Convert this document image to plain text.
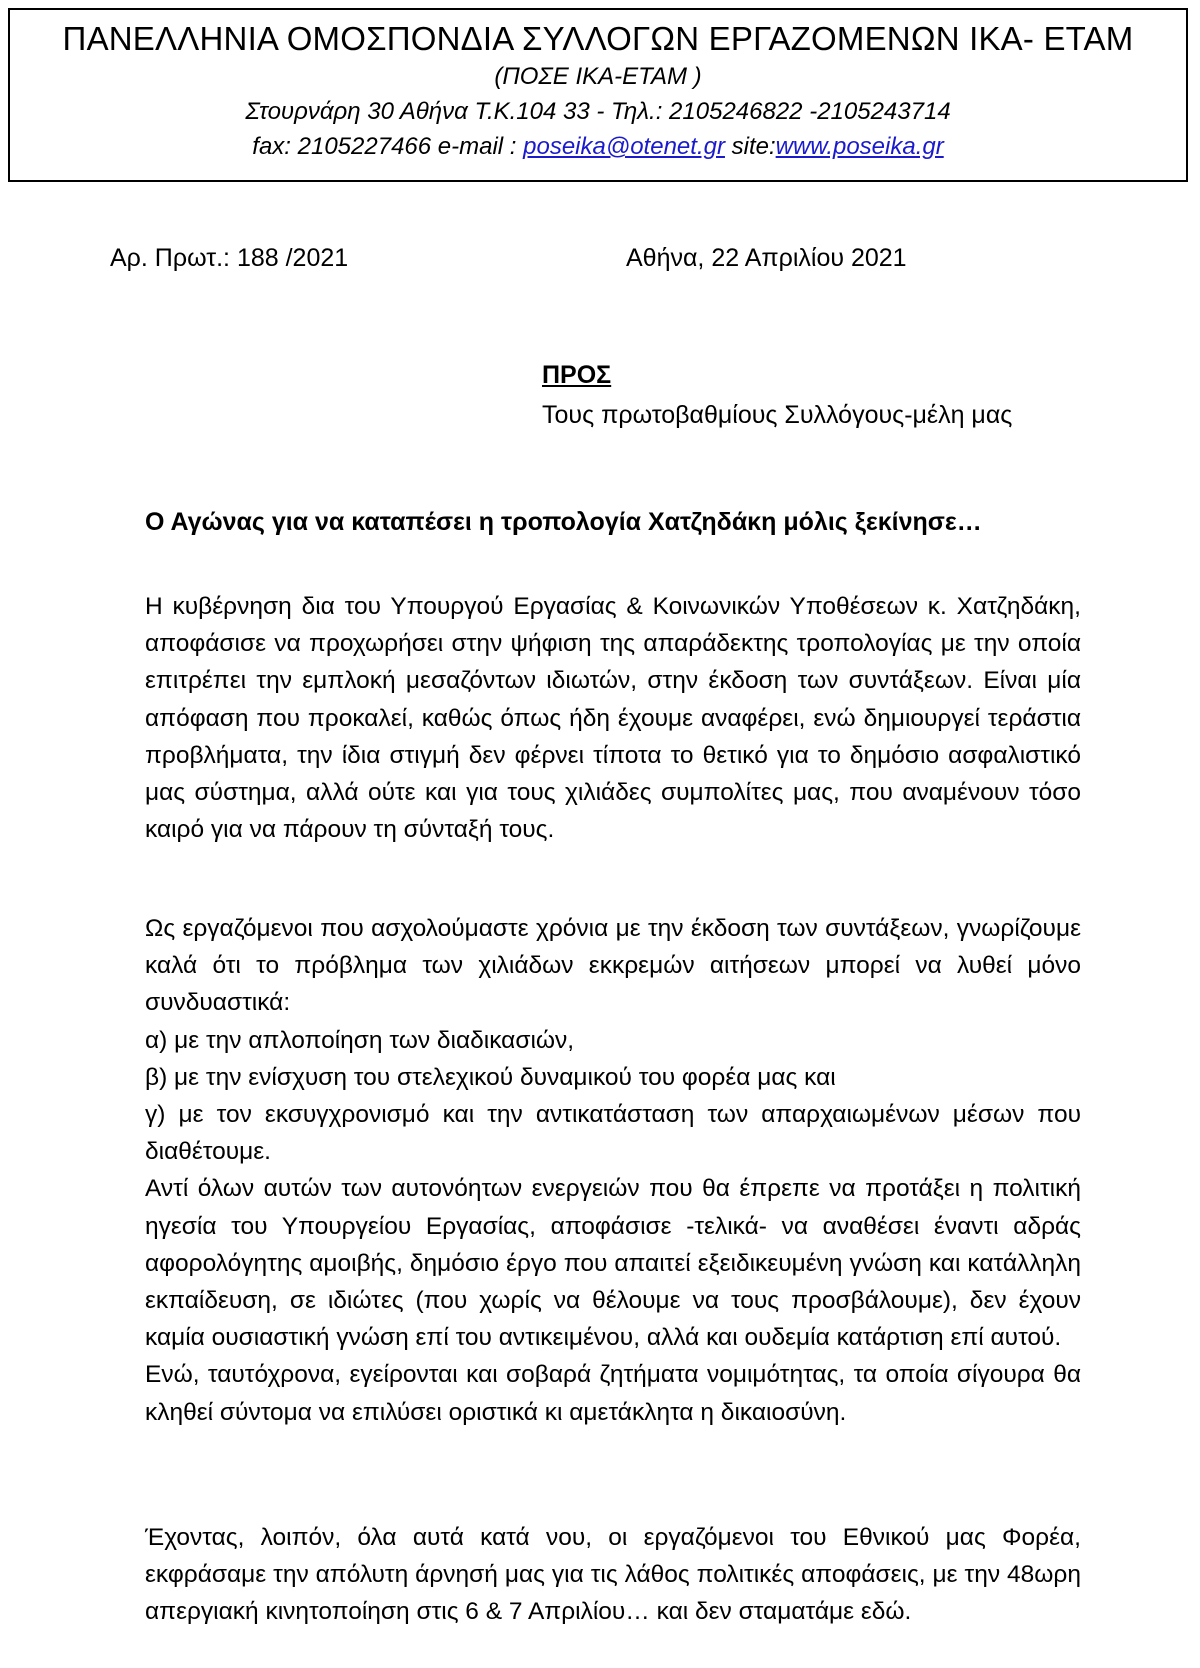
ΠΑΝΕΛΛΗΝΙΑ ΟΜΟΣΠΟΝΔΙΑ ΣΥΛΛΟΓΩΝ ΕΡΓΑΖΟΜΕΝΩΝ ΙΚΑ- ΕΤΑΜ
(ΠΟΣΕ ΙΚΑ-ΕΤΑΜ )
Στουρνάρη 30 Αθήνα Τ.Κ.104 33 - Τηλ.: 2105246822 -2105243714
fax: 2105227466 e-mail : poseika@otenet.gr site:www.poseika.gr
Αρ. Πρωτ.: 188 /2021	Αθήνα, 22 Απριλίου 2021
ΠΡΟΣ
Τους πρωτοβαθμίους Συλλόγους-μέλη μας
Ο Αγώνας για να καταπέσει η τροπολογία Χατζηδάκη μόλις ξεκίνησε…

Η κυβέρνηση δια του Υπουργού Εργασίας & Κοινωνικών Υποθέσεων κ. Χατζηδάκη, αποφάσισε να προχωρήσει στην ψήφιση της απαράδεκτης τροπολογίας με την οποία επιτρέπει την εμπλοκή μεσαζόντων ιδιωτών, στην έκδοση των συντάξεων. Είναι μία απόφαση που προκαλεί, καθώς όπως ήδη έχουμε αναφέρει, ενώ δημιουργεί τεράστια προβλήματα, την ίδια στιγμή δεν φέρνει τίποτα το θετικό για το δημόσιο ασφαλιστικό μας σύστημα, αλλά ούτε και για τους χιλιάδες συμπολίτες μας, που αναμένουν τόσο καιρό για να πάρουν τη σύνταξή τους.

Ως εργαζόμενοι που ασχολούμαστε χρόνια με την έκδοση των συντάξεων, γνωρίζουμε καλά ότι το πρόβλημα των χιλιάδων εκκρεμών αιτήσεων μπορεί να λυθεί μόνο συνδυαστικά:

α) με την απλοποίηση των διαδικασιών,

β) με την ενίσχυση του στελεχικού δυναμικού του φορέα μας και

γ) με τον εκσυγχρονισμό και την αντικατάσταση των απαρχαιωμένων μέσων που διαθέτουμε.

Αντί όλων αυτών των αυτονόητων ενεργειών που θα έπρεπε να προτάξει η πολιτική ηγεσία του Υπουργείου Εργασίας, αποφάσισε -τελικά- να αναθέσει έναντι αδράς αφορολόγητης αμοιβής, δημόσιο έργο που απαιτεί εξειδικευμένη γνώση και κατάλληλη εκπαίδευση, σε ιδιώτες (που χωρίς να θέλουμε να τους προσβάλουμε), δεν έχουν καμία ουσιαστική γνώση επί του αντικειμένου, αλλά και ουδεμία κατάρτιση επί αυτού.

Ενώ, ταυτόχρονα, εγείρονται και σοβαρά ζητήματα νομιμότητας, τα οποία σίγουρα θα κληθεί σύντομα να επιλύσει οριστικά κι αμετάκλητα η δικαιοσύνη.

Έχοντας, λοιπόν, όλα αυτά κατά νου, οι εργαζόμενοι του Εθνικού μας Φορέα, εκφράσαμε την απόλυτη άρνησή μας για τις λάθος πολιτικές αποφάσεις, με την 48ωρη απεργιακή κινητοποίηση στις 6 & 7 Απριλίου… και δεν σταματάμε εδώ.
